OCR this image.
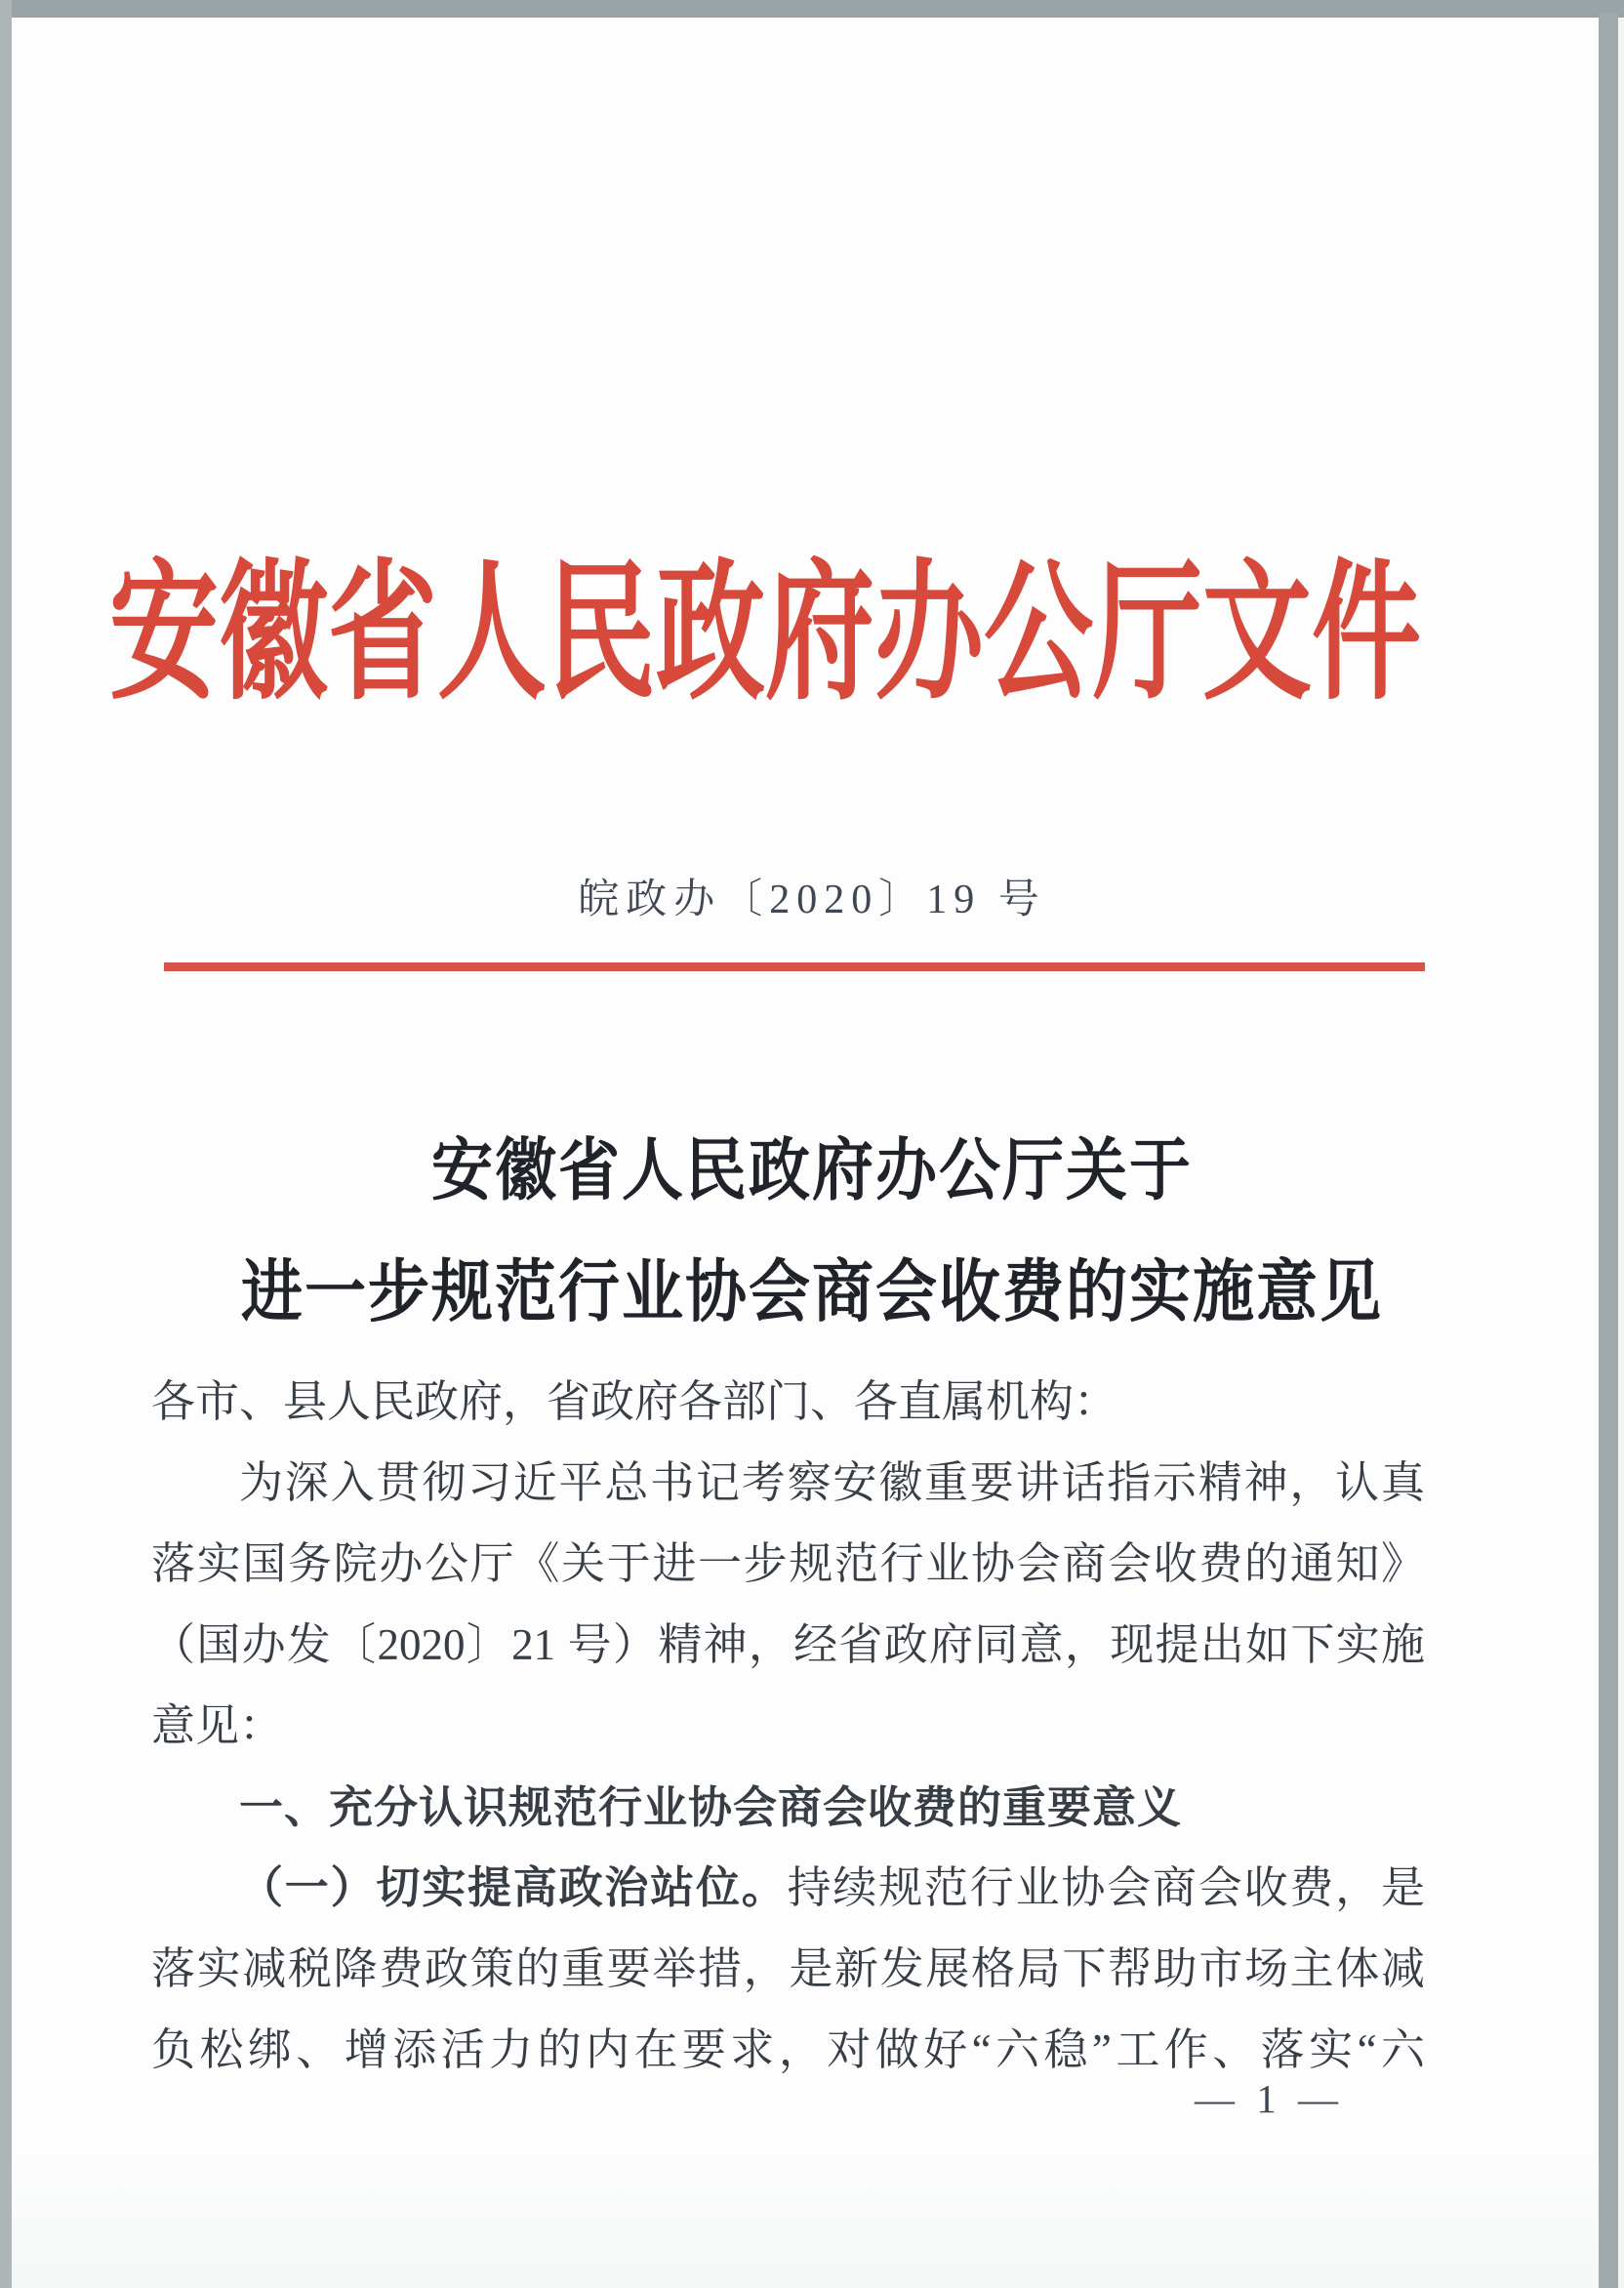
安徽省人民政府办公厅文件
皖政办〔2020〕19 号
安徽省人民政府办公厅关于
进一步规范行业协会商会收费的实施意见
各市、县人民政府，省政府各部门、各直属机构：
为深入贯彻习近平总书记考察安徽重要讲话指示精神，认真
落实国务院办公厅《关于进一步规范行业协会商会收费的通知》
（国办发〔2020〕21 号）精神，经省政府同意，现提出如下实施
意见：
一、充分认识规范行业协会商会收费的重要意义
（一）切实提高政治站位。持续规范行业协会商会收费，是
落实减税降费政策的重要举措，是新发展格局下帮助市场主体减
负松绑、增添活力的内在要求，对做好“六稳”工作、落实“六
— 1 —
